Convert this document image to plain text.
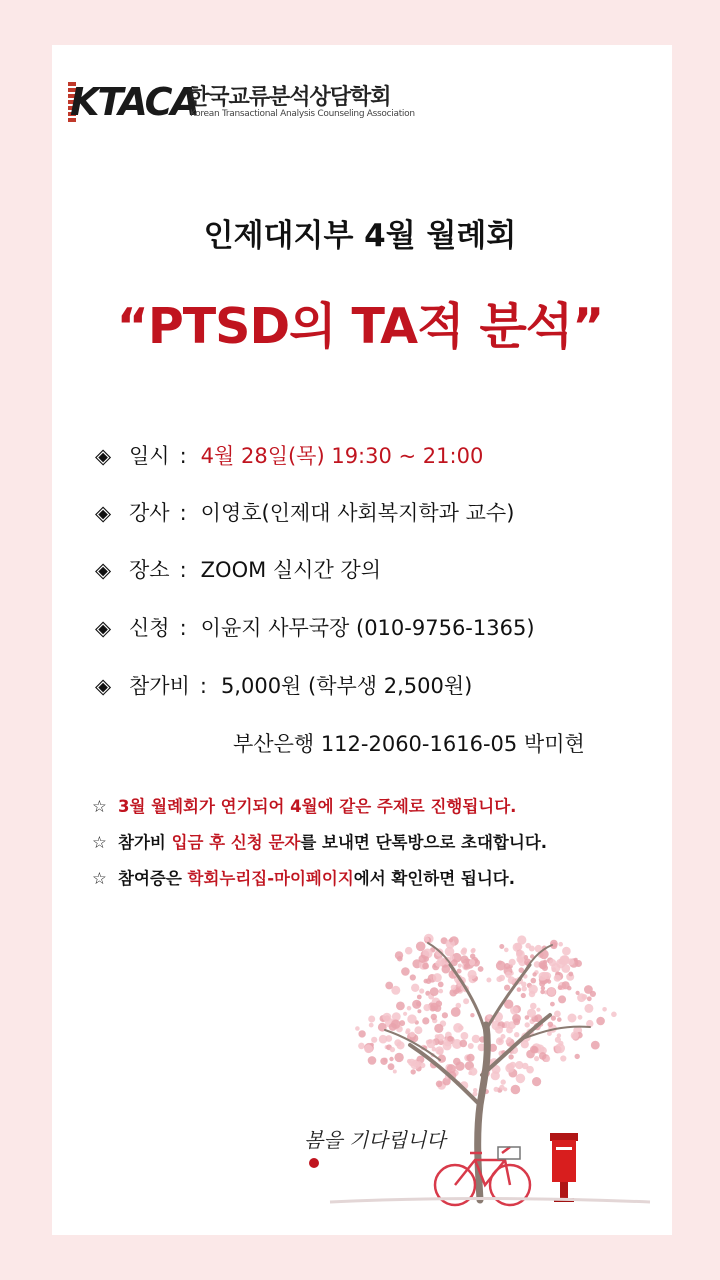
KTACA
한국교류분석상담학회
Korean Transactional Analysis Counseling Association
인제대지부 4월 월례회
“PTSD의 TA적 분석”
◈ 일시 : 4월 28일(목) 19:30 ~ 21:00
◈ 강사 : 이영호(인제대 사회복지학과 교수)
◈ 장소 : ZOOM 실시간 강의
◈ 신청 : 이윤지 사무국장 (010-9756-1365)
◈ 참가비 : 5,000원 (학부생 2,500원)
부산은행 112-2060-1616-05 박미현
☆ 3월 월례회가 연기되어 4월에 같은 주제로 진행됩니다.
☆ 참가비 입금 후 신청 문자를 보내면 단톡방으로 초대합니다.
☆ 참여증은 학회누리집-마이페이지에서 확인하면 됩니다.
봄을 기다립니다
